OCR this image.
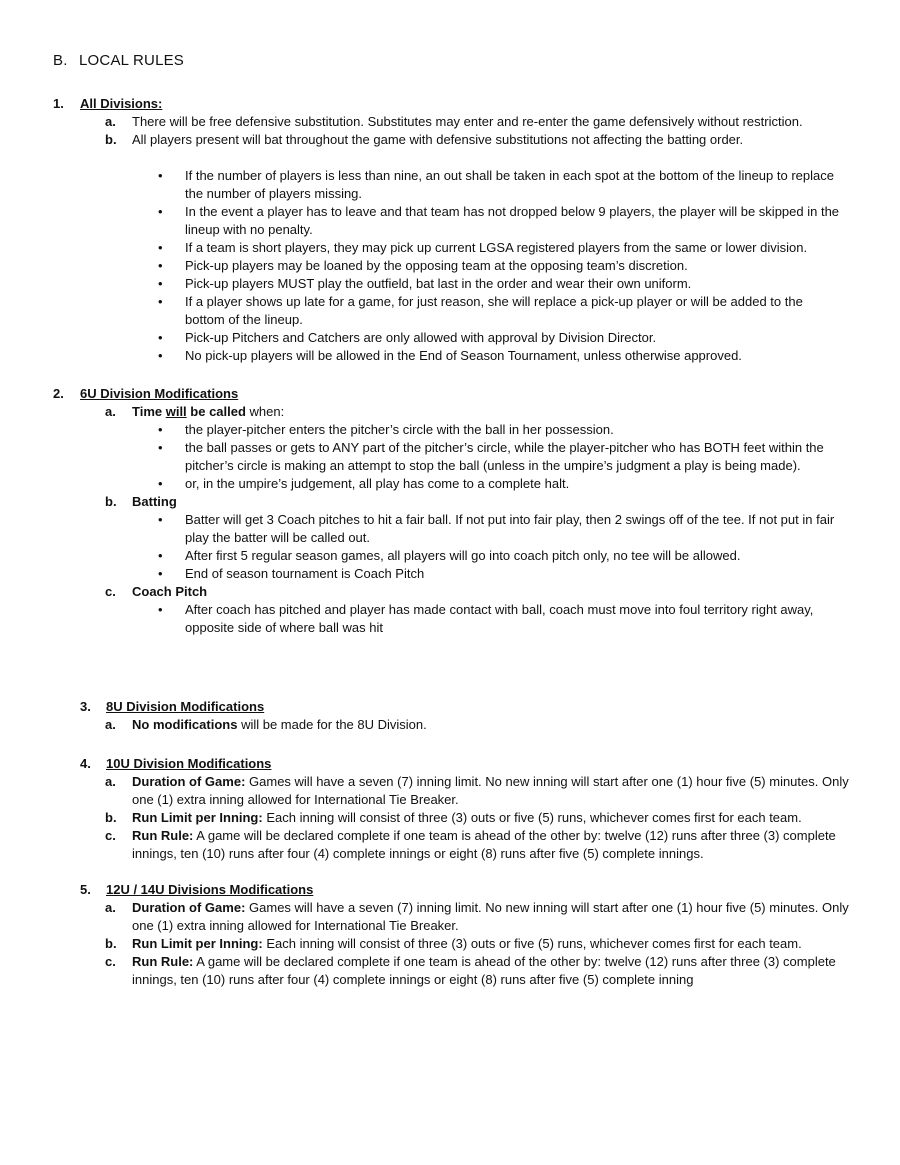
B. LOCAL RULES
1. All Divisions:
a. There will be free defensive substitution. Substitutes may enter and re-enter the game defensively without restriction.
b. All players present will bat throughout the game with defensive substitutions not affecting the batting order.
• If the number of players is less than nine, an out shall be taken in each spot at the bottom of the lineup to replace the number of players missing.
• In the event a player has to leave and that team has not dropped below 9 players, the player will be skipped in the lineup with no penalty.
• If a team is short players, they may pick up current LGSA registered players from the same or lower division.
• Pick-up players may be loaned by the opposing team at the opposing team’s discretion.
• Pick-up players MUST play the outfield, bat last in the order and wear their own uniform.
• If a player shows up late for a game, for just reason, she will replace a pick-up player or will be added to the bottom of the lineup.
• Pick-up Pitchers and Catchers are only allowed with approval by Division Director.
• No pick-up players will be allowed in the End of Season Tournament, unless otherwise approved.
2. 6U Division Modifications
a. Time will be called when:
• the player-pitcher enters the pitcher’s circle with the ball in her possession.
• the ball passes or gets to ANY part of the pitcher’s circle, while the player-pitcher who has BOTH feet within the pitcher’s circle is making an attempt to stop the ball (unless in the umpire’s judgment a play is being made).
• or, in the umpire’s judgement, all play has come to a complete halt.
b. Batting
• Batter will get 3 Coach pitches to hit a fair ball. If not put into fair play, then 2 swings off of the tee. If not put in fair play the batter will be called out.
• After first 5 regular season games, all players will go into coach pitch only, no tee will be allowed.
• End of season tournament is Coach Pitch
c. Coach Pitch
• After coach has pitched and player has made contact with ball, coach must move into foul territory right away, opposite side of where ball was hit
3. 8U Division Modifications
a. No modifications will be made for the 8U Division.
4. 10U Division Modifications
a. Duration of Game: Games will have a seven (7) inning limit. No new inning will start after one (1) hour five (5) minutes. Only one (1) extra inning allowed for International Tie Breaker.
b. Run Limit per Inning: Each inning will consist of three (3) outs or five (5) runs, whichever comes first for each team.
c. Run Rule: A game will be declared complete if one team is ahead of the other by: twelve (12) runs after three (3) complete innings, ten (10) runs after four (4) complete innings or eight (8) runs after five (5) complete innings.
5. 12U / 14U Divisions Modifications
a. Duration of Game: Games will have a seven (7) inning limit. No new inning will start after one (1) hour five (5) minutes. Only one (1) extra inning allowed for International Tie Breaker.
b. Run Limit per Inning: Each inning will consist of three (3) outs or five (5) runs, whichever comes first for each team.
c. Run Rule: A game will be declared complete if one team is ahead of the other by: twelve (12) runs after three (3) complete innings, ten (10) runs after four (4) complete innings or eight (8) runs after five (5) complete inning
